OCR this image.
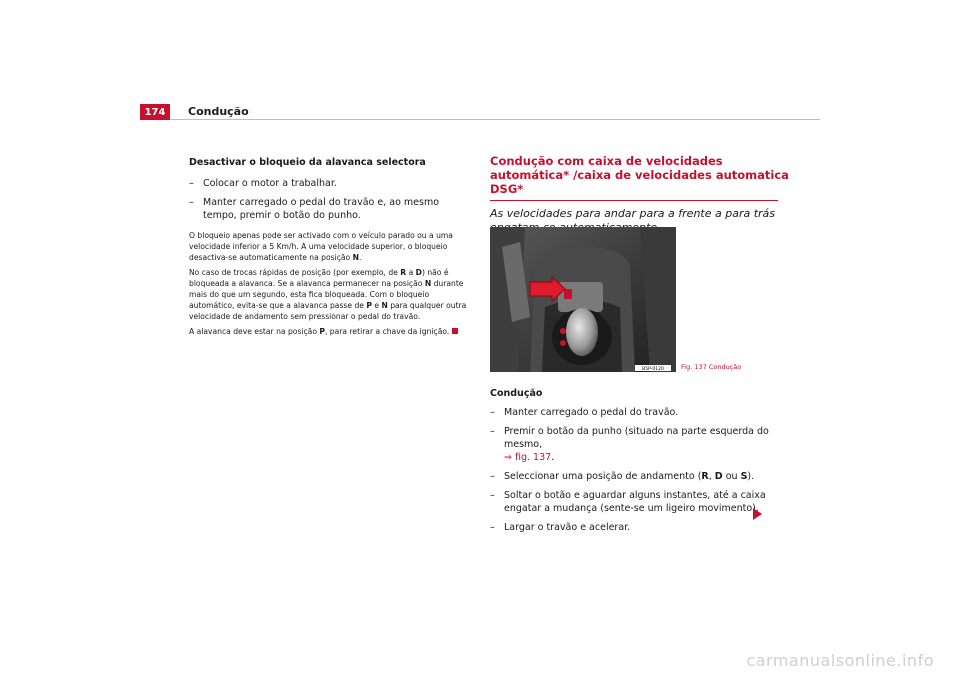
174	Condução

Desactivar o bloqueio da alavanca selectora

– Colocar o motor a trabalhar.
– Manter carregado o pedal do travão e, ao mesmo tempo, premir o botão do punho.

O bloqueio apenas pode ser activado com o veículo parado ou a uma velocidade inferior a 5 Km/h. A uma velocidade superior, o bloqueio desactiva-se automaticamente na posição N.

No caso de trocas rápidas de posição (por exemplo, de R a D) não é bloqueada a alavanca. Se a alavanca permanecer na posição N durante mais do que um segundo, esta fica bloqueada. Com o bloqueio automático, evita-se que a alavanca passe de P e N para qualquer outra velocidade de andamento sem pressionar o pedal do travão.

A alavanca deve estar na posição P, para retirar a chave da ignição.

Condução com caixa de velocidades automática* /caixa de velocidades automatica DSG*

As velocidades para andar para a frente a para trás

B5P-0120	Fig. 137 Condução

Condução

– Manter carregado o pedal do travão.
– Premir o botão da punho (situado na parte esquerda do mesmo,
⇒ fig. 137.
– Seleccionar uma posição de andamento (R, D ou S).
– Soltar o botão e aguardar alguns instantes, até a caixa engatar a mudança (sente-se um ligeiro movimento).
– Largar o travão e acelerar.
carmanualsonline.info
